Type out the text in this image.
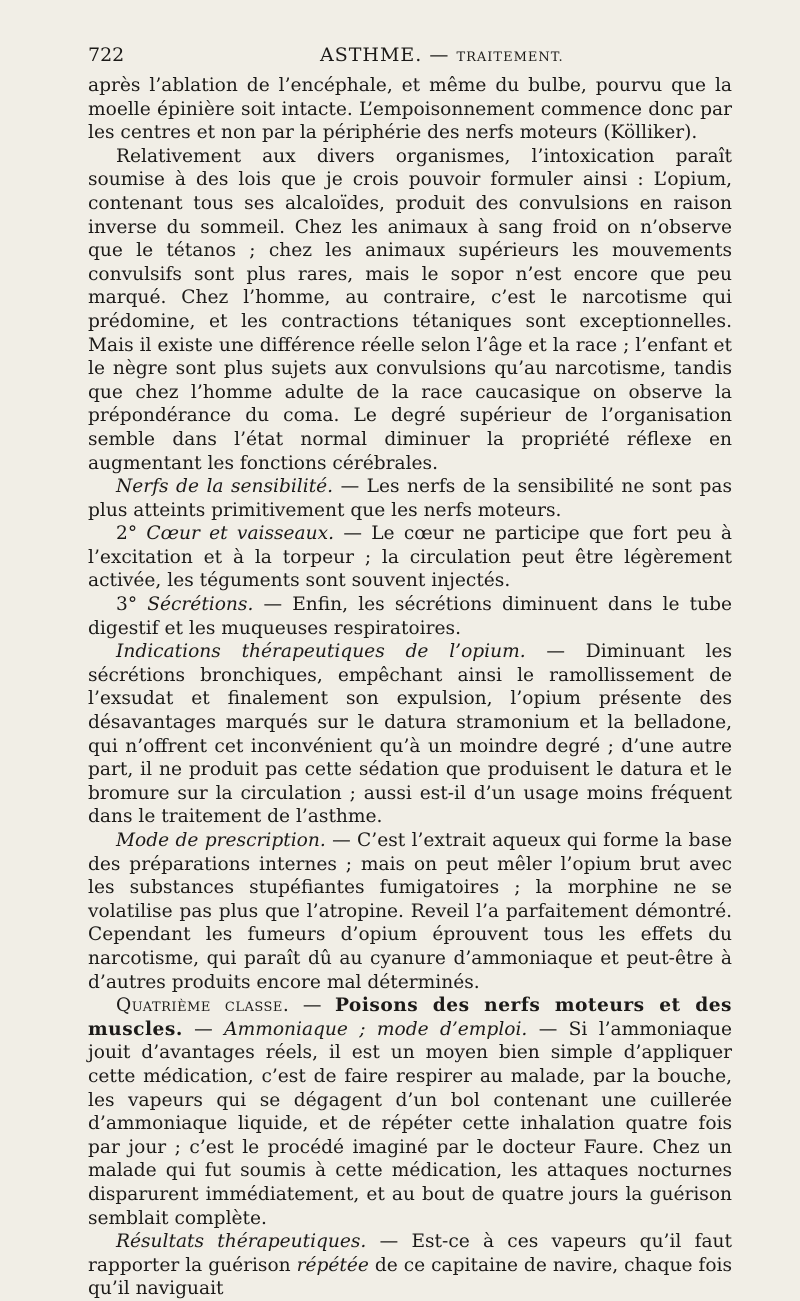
722	ASTHME. — TRAITEMENT.

après l’ablation de l’encéphale, et même du bulbe, pourvu que la moelle épinière soit intacte. L’empoisonnement commence donc par les centres et non par la périphérie des nerfs moteurs (Kölliker).

Relativement aux divers organismes, l’intoxication paraît soumise à des lois que je crois pouvoir formuler ainsi : L’opium, contenant tous ses alcaloïdes, produit des convulsions en raison inverse du sommeil. Chez les animaux à sang froid on n’observe que le tétanos ; chez les animaux supérieurs les mouvements convulsifs sont plus rares, mais le sopor n’est encore que peu marqué. Chez l’homme, au contraire, c’est le narcotisme qui prédomine, et les contractions tétaniques sont exceptionnelles. Mais il existe une différence réelle selon l’âge et la race ; l’enfant et le nègre sont plus sujets aux convulsions qu’au narcotisme, tandis que chez l’homme adulte de la race caucasique on observe la prépondérance du coma. Le degré supérieur de l’organisation semble dans l’état normal diminuer la propriété réflexe en augmentant les fonctions cérébrales.

Nerfs de la sensibilité. — Les nerfs de la sensibilité ne sont pas plus atteints primitivement que les nerfs moteurs.

2° Cœur et vaisseaux. — Le cœur ne participe que fort peu à l’excitation et à la torpeur ; la circulation peut être légèrement activée, les téguments sont souvent injectés.

3° Sécrétions. — Enfin, les sécrétions diminuent dans le tube digestif et les muqueuses respiratoires.

Indications thérapeutiques de l’opium. — Diminuant les sécrétions bronchiques, empêchant ainsi le ramollissement de l’exsudat et finalement son expulsion, l’opium présente des désavantages marqués sur le datura stramonium et la belladone, qui n’offrent cet inconvénient qu’à un moindre degré ; d’une autre part, il ne produit pas cette sédation que produisent le datura et le bromure sur la circulation ; aussi est-il d’un usage moins fréquent dans le traitement de l’asthme.

Mode de prescription. — C’est l’extrait aqueux qui forme la base des préparations internes ; mais on peut mêler l’opium brut avec les substances stupéfiantes fumigatoires ; la morphine ne se volatilise pas plus que l’atropine. Reveil l’a parfaitement démontré. Cependant les fumeurs d’opium éprouvent tous les effets du narcotisme, qui paraît dû au cyanure d’ammoniaque et peut-être à d’autres produits encore mal déterminés.

Quatrième classe. — Poisons des nerfs moteurs et des muscles. — Ammoniaque ; mode d’emploi. — Si l’ammoniaque jouit d’avantages réels, il est un moyen bien simple d’appliquer cette médication, c’est de faire respirer au malade, par la bouche, les vapeurs qui se dégagent d’un bol contenant une cuillerée d’ammoniaque liquide, et de répéter cette inhalation quatre fois par jour ; c’est le procédé imaginé par le docteur Faure. Chez un malade qui fut soumis à cette médication, les attaques nocturnes disparurent immédiatement, et au bout de quatre jours la guérison semblait complète.

Résultats thérapeutiques. — Est-ce à ces vapeurs qu’il faut rapporter la guérison répétée de ce capitaine de navire, chaque fois qu’il naviguait
